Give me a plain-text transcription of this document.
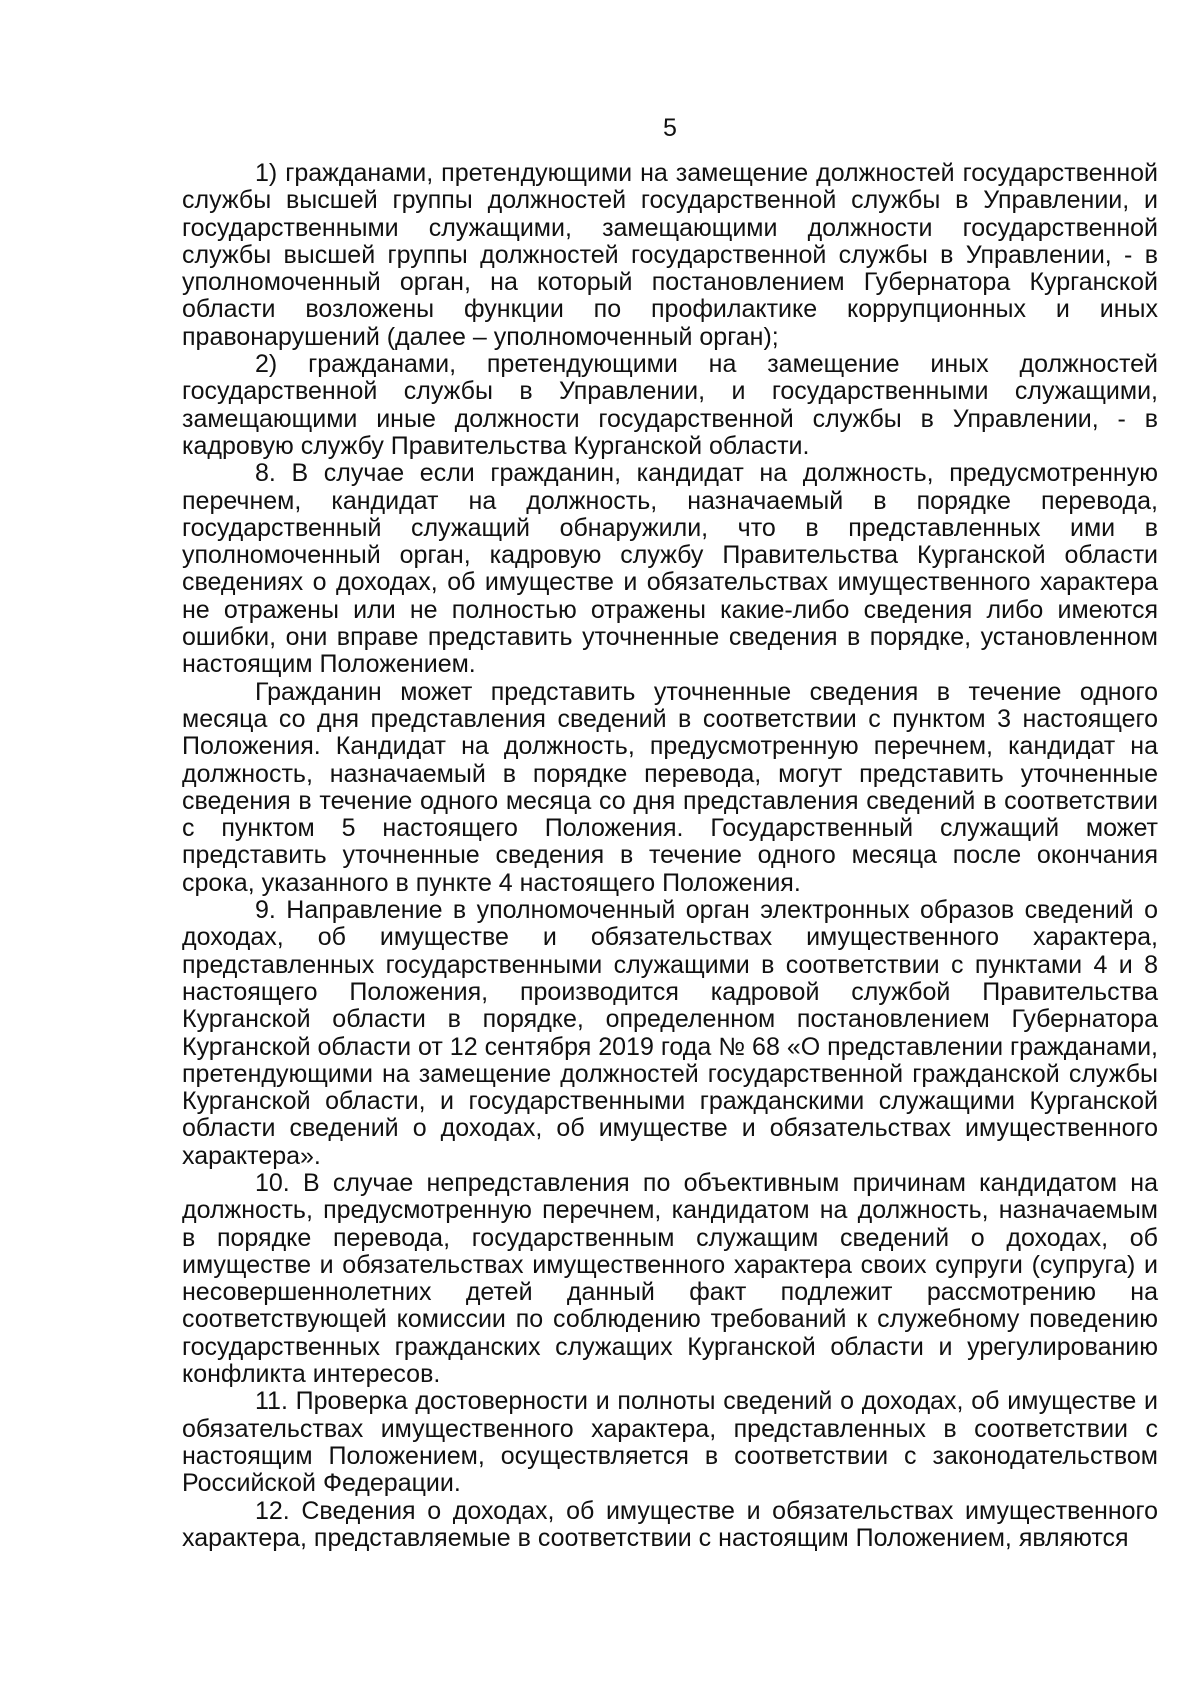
5

1) гражданами, претендующими на замещение должностей государственной службы высшей группы должностей государственной службы в Управлении, и государственными служащими, замещающими должности государственной службы высшей группы должностей государственной службы в Управлении, - в уполномоченный орган, на который постановлением Губернатора Курганской области возложены функции по профилактике коррупционных и иных правонарушений (далее – уполномоченный орган);

2) гражданами, претендующими на замещение иных должностей государственной службы в Управлении, и государственными служащими, замещающими иные должности государственной службы в Управлении, - в кадровую службу Правительства Курганской области.

8. В случае если гражданин, кандидат на должность, предусмотренную перечнем, кандидат на должность, назначаемый в порядке перевода, государственный служащий обнаружили, что в представленных ими в уполномоченный орган, кадровую службу Правительства Курганской области сведениях о доходах, об имуществе и обязательствах имущественного характера не отражены или не полностью отражены какие-либо сведения либо имеются ошибки, они вправе представить уточненные сведения в порядке, установленном настоящим Положением.

Гражданин может представить уточненные сведения в течение одного месяца со дня представления сведений в соответствии с пунктом 3 настоящего Положения. Кандидат на должность, предусмотренную перечнем, кандидат на должность, назначаемый в порядке перевода, могут представить уточненные сведения в течение одного месяца со дня представления сведений в соответствии с пунктом 5 настоящего Положения. Государственный служащий может представить уточненные сведения в течение одного месяца после окончания срока, указанного в пункте 4 настоящего Положения.

9. Направление в уполномоченный орган электронных образов сведений о доходах, об имуществе и обязательствах имущественного характера, представленных государственными служащими в соответствии с пунктами 4 и 8 настоящего Положения, производится кадровой службой Правительства Курганской области в порядке, определенном постановлением Губернатора Курганской области от 12 сентября 2019 года № 68 «О представлении гражданами, претендующими на замещение должностей государственной гражданской службы Курганской области, и государственными гражданскими служащими Курганской области сведений о доходах, об имуществе и обязательствах имущественного характера».

10. В случае непредставления по объективным причинам кандидатом на должность, предусмотренную перечнем, кандидатом на должность, назначаемым в порядке перевода, государственным служащим сведений о доходах, об имуществе и обязательствах имущественного характера своих супруги (супруга) и несовершеннолетних детей данный факт подлежит рассмотрению на соответствующей комиссии по соблюдению требований к служебному поведению государственных гражданских служащих Курганской области и урегулированию конфликта интересов.

11. Проверка достоверности и полноты сведений о доходах, об имуществе и обязательствах имущественного характера, представленных в соответствии с настоящим Положением, осуществляется в соответствии с законодательством Российской Федерации.

12. Сведения о доходах, об имуществе и обязательствах имущественного характера, представляемые в соответствии с настоящим Положением, являются
